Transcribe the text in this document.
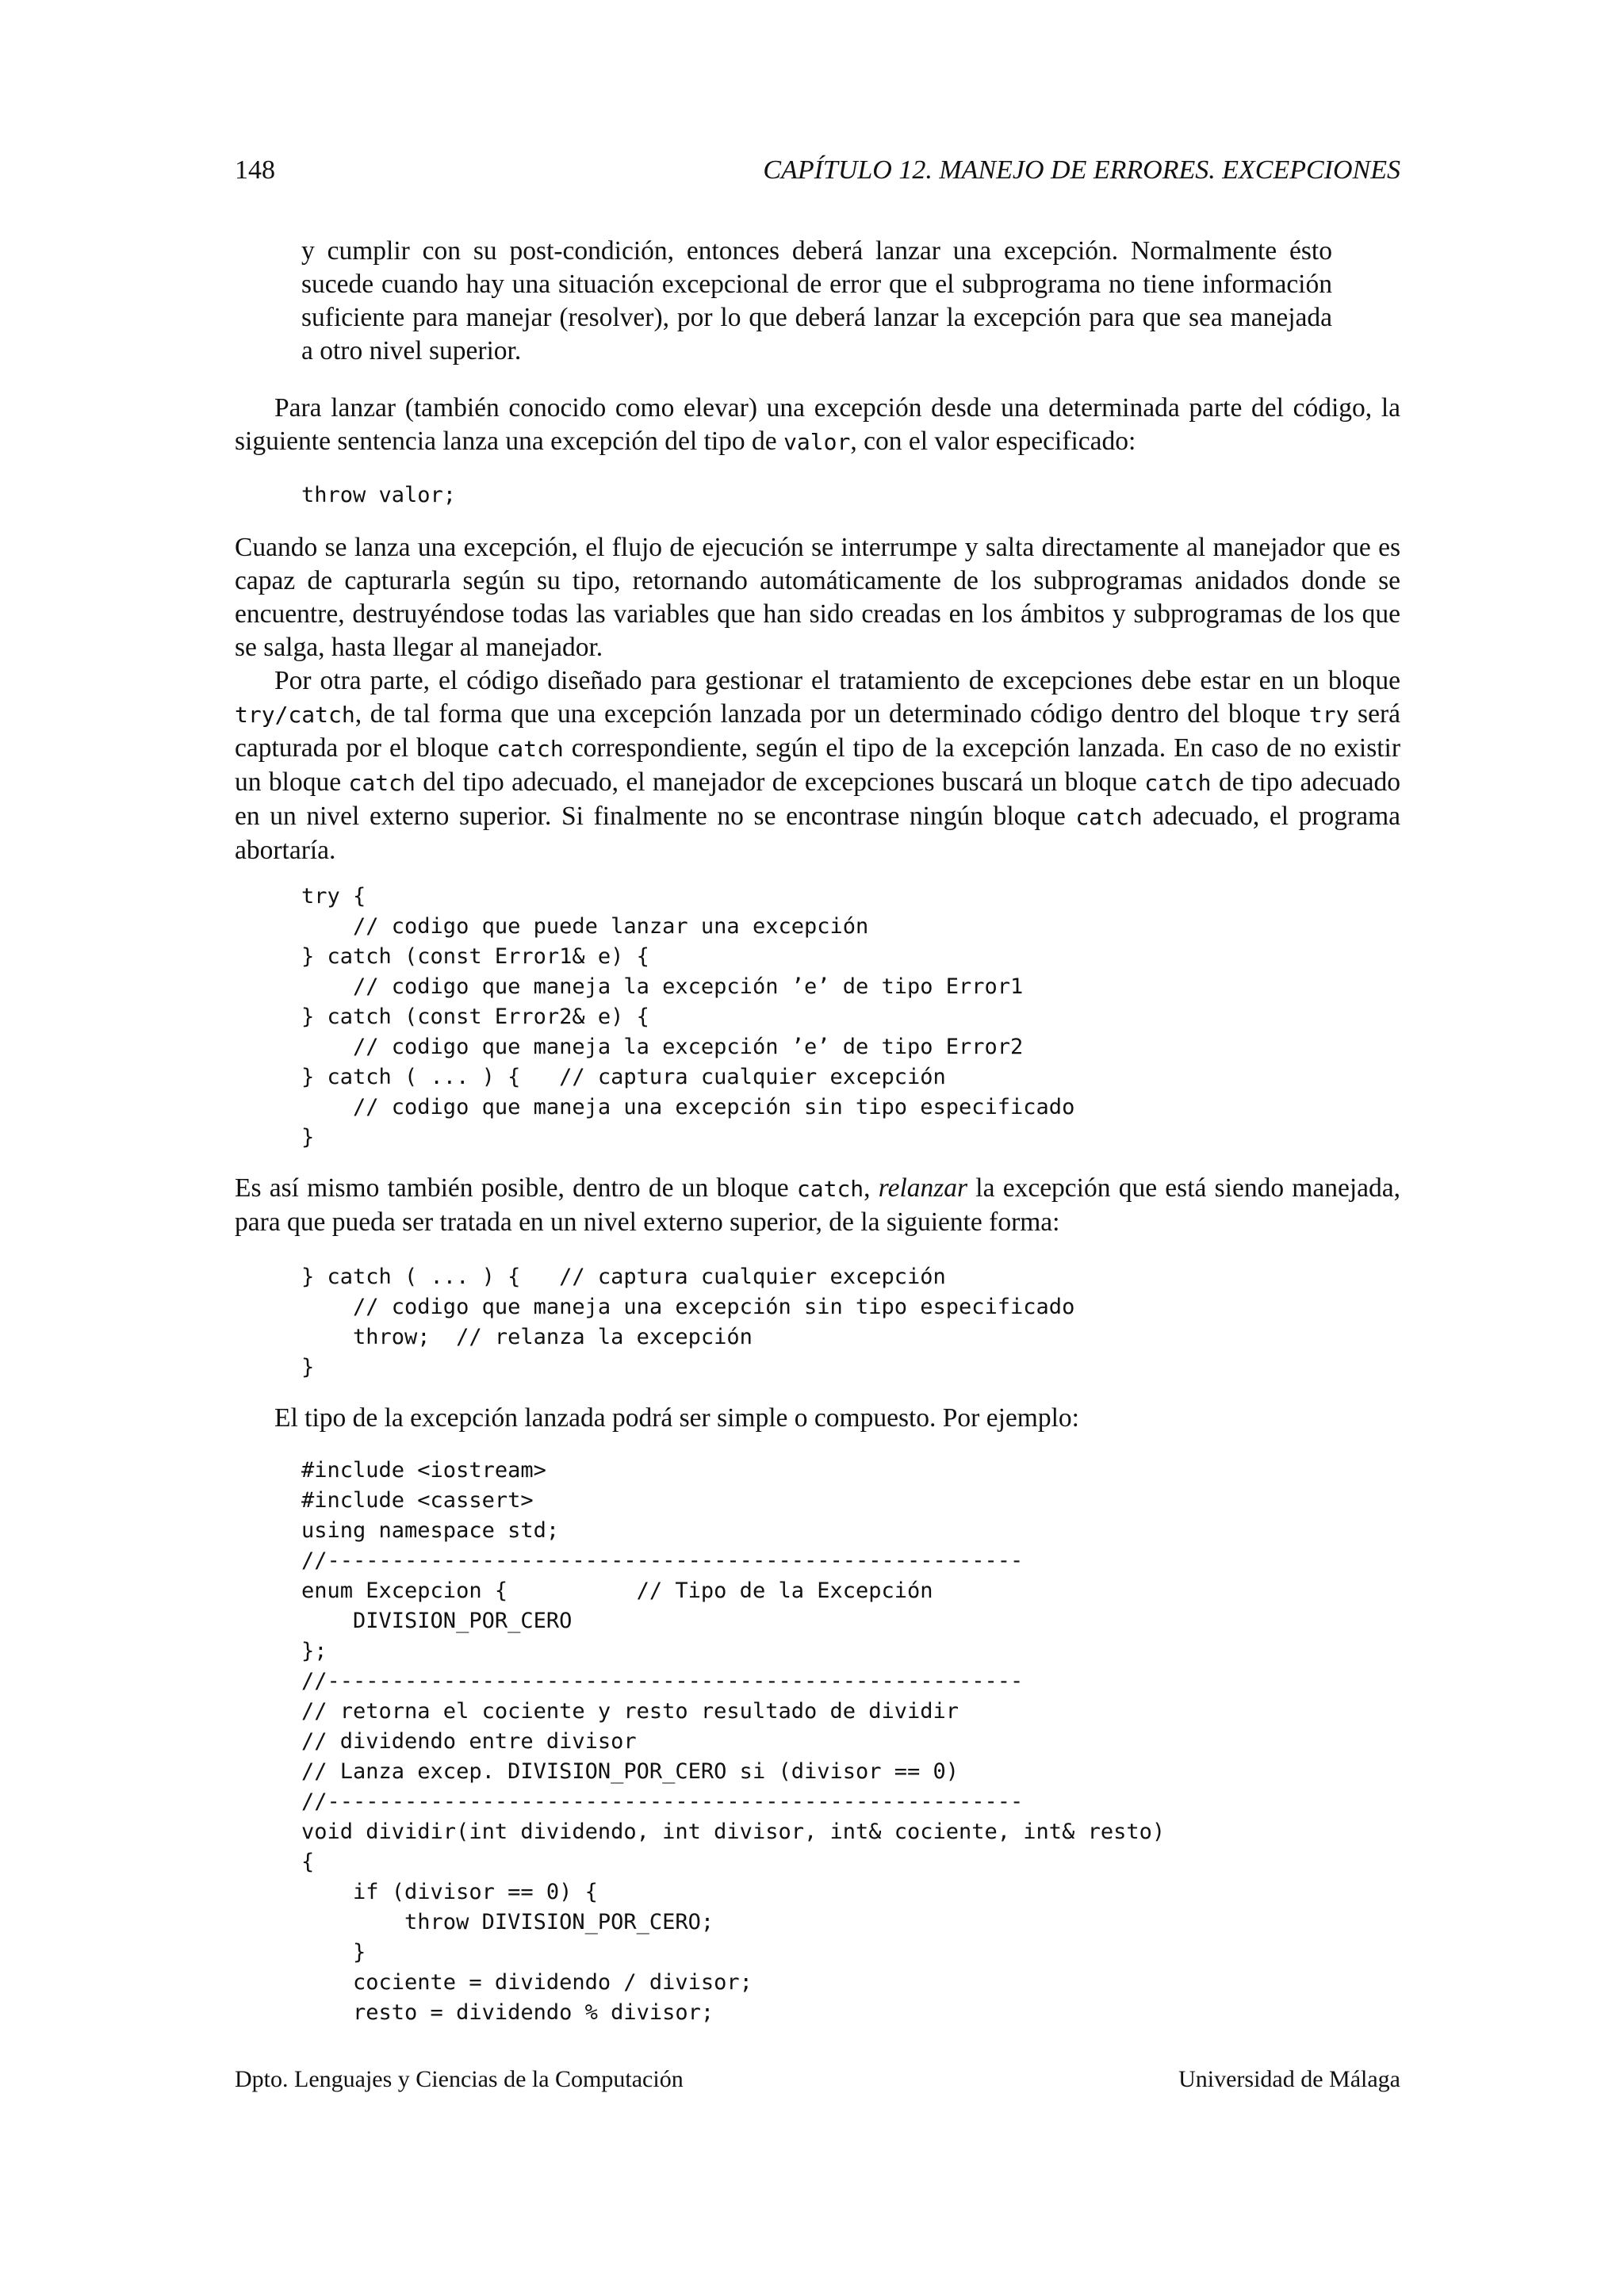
148	CAPÍTULO 12. MANEJO DE ERRORES. EXCEPCIONES
y cumplir con su post-condición, entonces deberá lanzar una excepción. Normalmente ésto sucede cuando hay una situación excepcional de error que el subprograma no tiene información suficiente para manejar (resolver), por lo que deberá lanzar la excepción para que sea manejada a otro nivel superior.
Para lanzar (también conocido como elevar) una excepción desde una determinada parte del código, la siguiente sentencia lanza una excepción del tipo de valor, con el valor especificado:
throw valor;
Cuando se lanza una excepción, el flujo de ejecución se interrumpe y salta directamente al manejador que es capaz de capturarla según su tipo, retornando automáticamente de los subprogramas anidados donde se encuentre, destruyéndose todas las variables que han sido creadas en los ámbitos y subprogramas de los que se salga, hasta llegar al manejador.
Por otra parte, el código diseñado para gestionar el tratamiento de excepciones debe estar en un bloque try/catch, de tal forma que una excepción lanzada por un determinado código dentro del bloque try será capturada por el bloque catch correspondiente, según el tipo de la excepción lanzada. En caso de no existir un bloque catch del tipo adecuado, el manejador de excepciones buscará un bloque catch de tipo adecuado en un nivel externo superior. Si finalmente no se encontrase ningún bloque catch adecuado, el programa abortaría.
try {
// codigo que puede lanzar una excepción
} catch (const Error1& e) {
// codigo que maneja la excepción ’e’ de tipo Error1
} catch (const Error2& e) {
// codigo que maneja la excepción ’e’ de tipo Error2
} catch ( ... ) {   // captura cualquier excepción
// codigo que maneja una excepción sin tipo especificado
}
Es así mismo también posible, dentro de un bloque catch, relanzar la excepción que está siendo manejada, para que pueda ser tratada en un nivel externo superior, de la siguiente forma:
} catch ( ... ) {   // captura cualquier excepción
// codigo que maneja una excepción sin tipo especificado
throw;  // relanza la excepción
}
El tipo de la excepción lanzada podrá ser simple o compuesto. Por ejemplo:
#include <iostream>
#include <cassert>
using namespace std;
//------------------------------------------------------
enum Excepcion {          // Tipo de la Excepción
DIVISION_POR_CERO
};
//------------------------------------------------------
// retorna el cociente y resto resultado de dividir
// dividendo entre divisor
// Lanza excep. DIVISION_POR_CERO si (divisor == 0)
//------------------------------------------------------
void dividir(int dividendo, int divisor, int& cociente, int& resto)
{
if (divisor == 0) {
throw DIVISION_POR_CERO;
}
cociente = dividendo / divisor;
resto = dividendo % divisor;
Dpto. Lenguajes y Ciencias de la Computación	Universidad de Málaga
